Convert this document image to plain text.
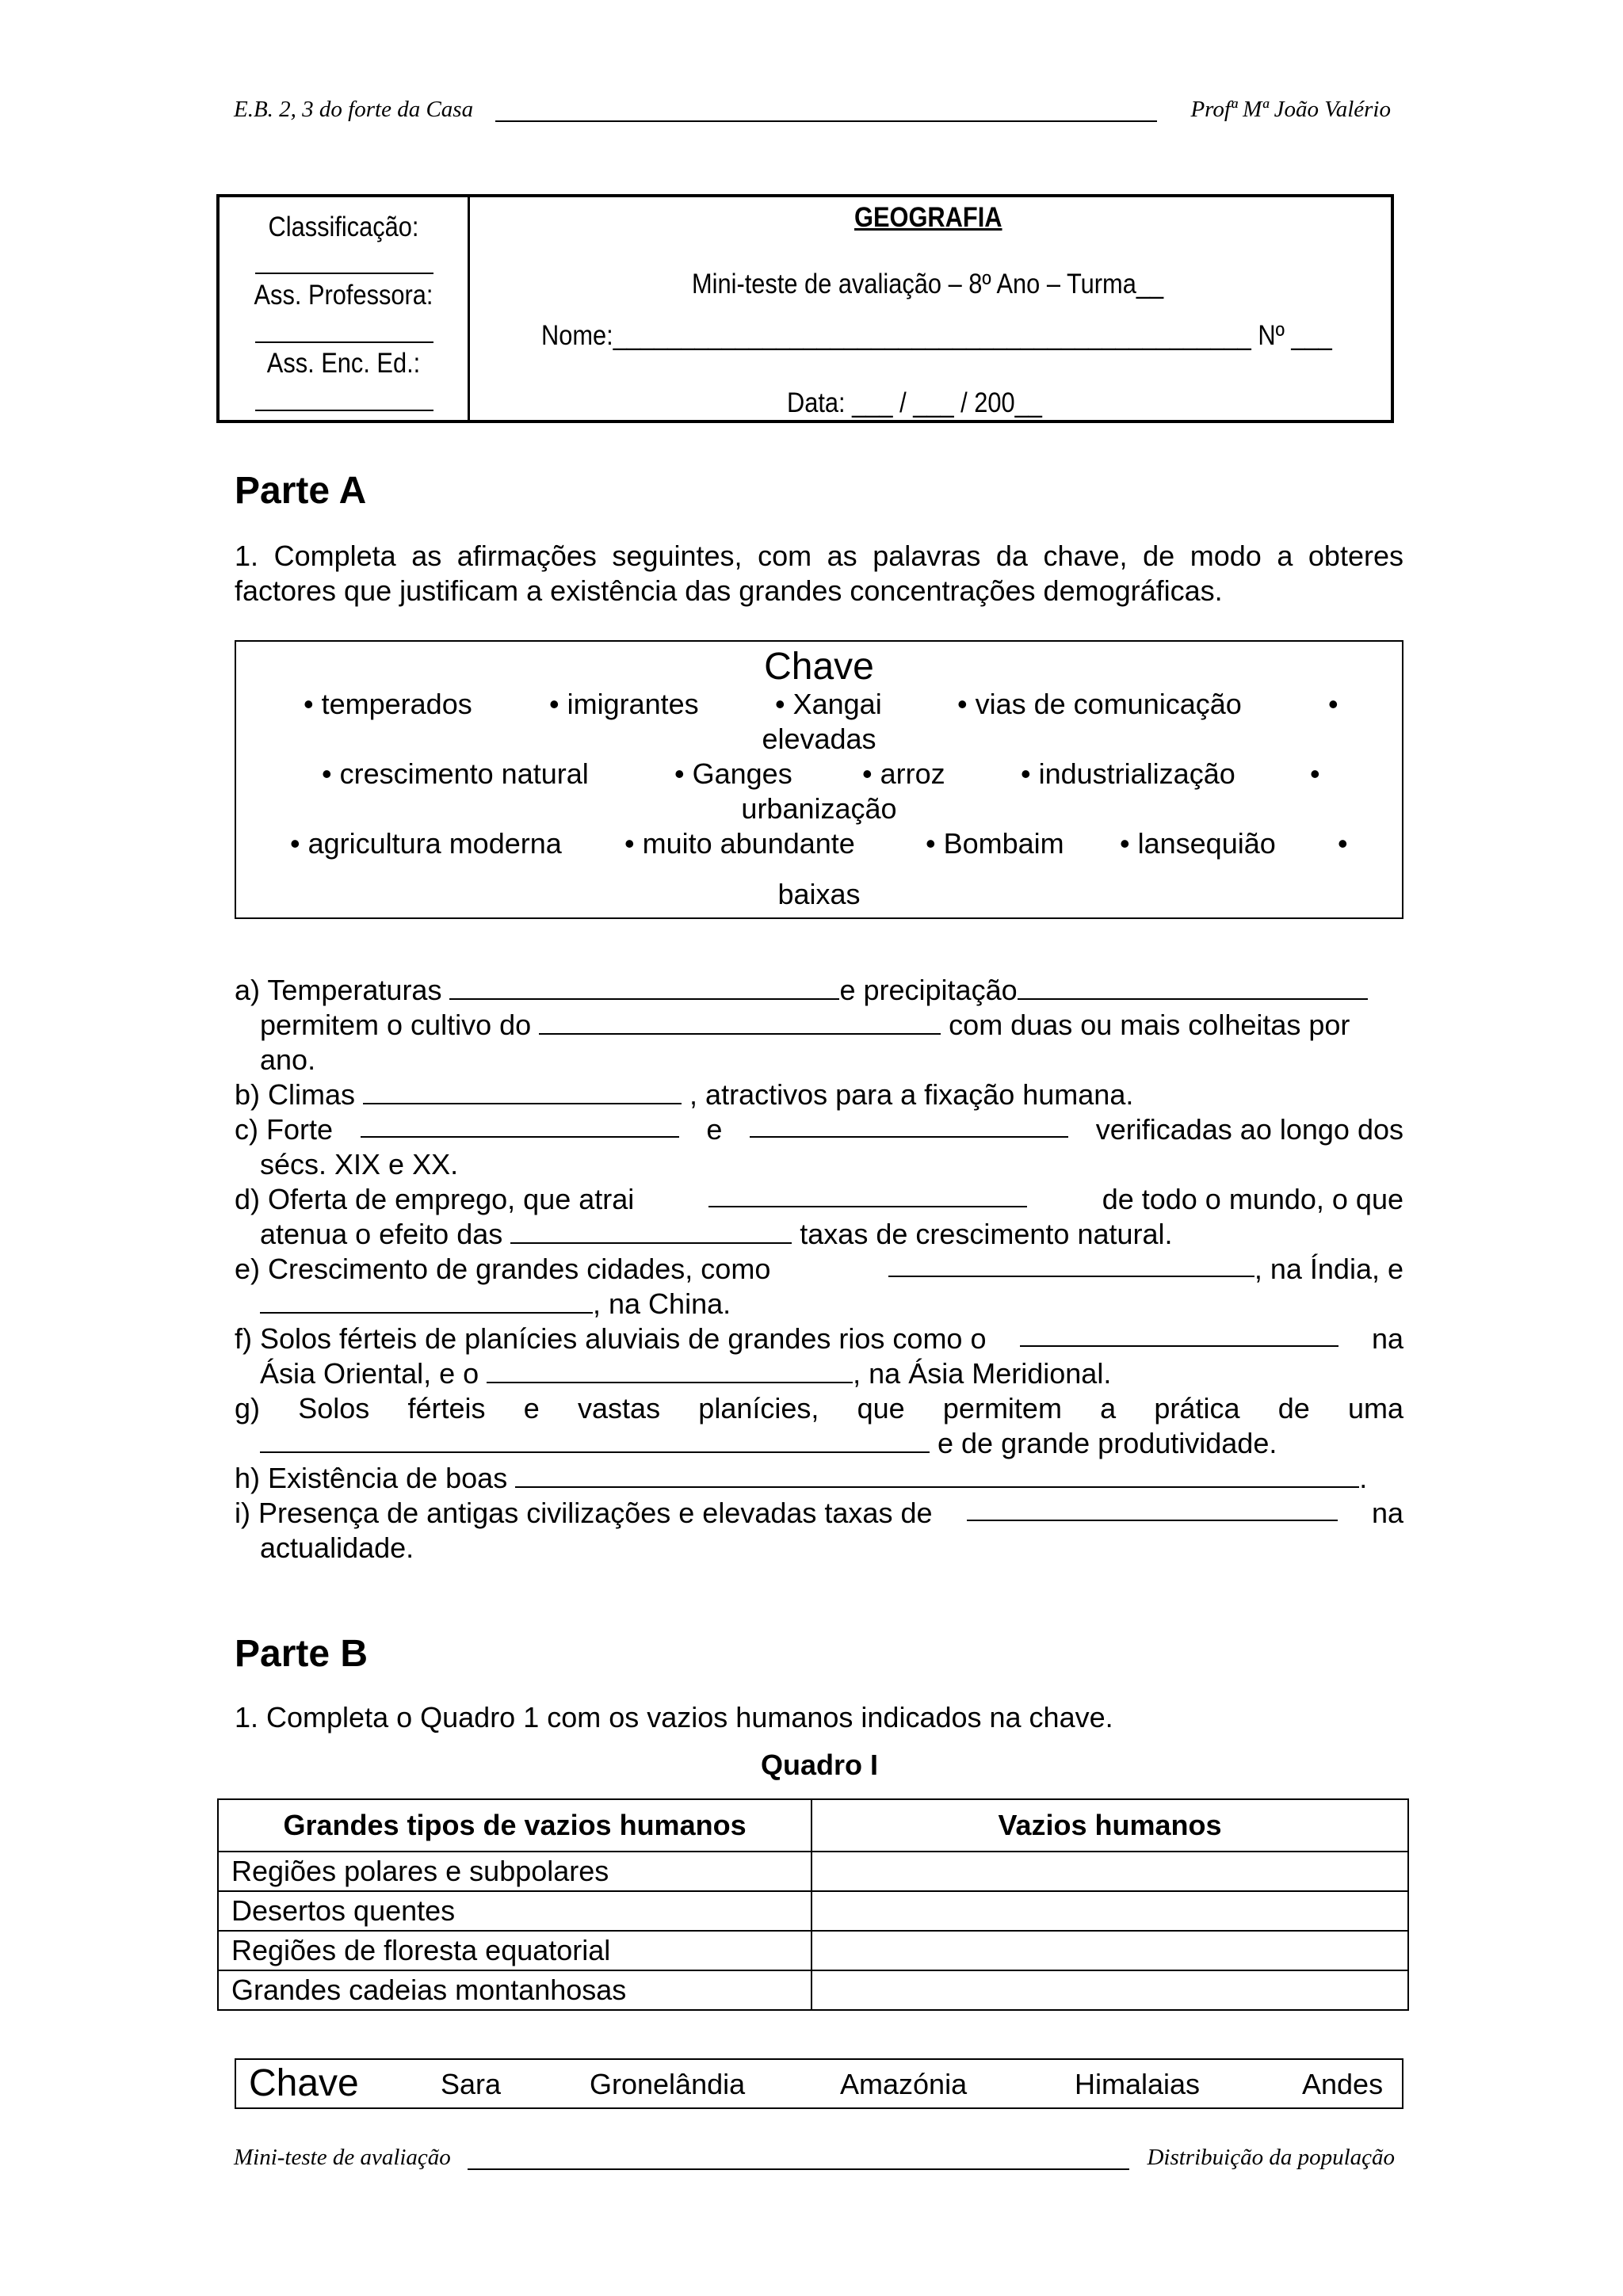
E.B. 2, 3 do forte da Casa	Profª Mª João Valério
Classificação:
Ass. Professora:
Ass. Enc. Ed.:
GEOGRAFIA
Mini-teste de avaliação – 8º Ano – Turma__
Nome:_______________________________________________ Nº ___
Data: ___ / ___ / 200__
Parte A
1. Completa as afirmações seguintes, com as palavras da chave, de modo a obteres
factores que justificam a existência das grandes concentrações demográficas.
Chave
• temperados	• imigrantes	• Xangai	• vias de comunicação	•
elevadas
• crescimento natural	• Ganges • arroz	• industrialização	•
urbanização
• agricultura moderna • muito abundante • Bombaim • lansequião •
baixas
a) Temperaturas	e precipitação
permitem o cultivo do	com duas ou mais colheitas por
ano.
b) Climas	, atractivos para a fixação humana.
c) Forte	e	verificadas ao longo dos
sécs. XIX e XX.
d) Oferta de emprego, que atrai	de todo o mundo, o que
atenua o efeito das	taxas de crescimento natural.
e) Crescimento de grandes cidades, como	, na Índia, e
, na China.
f) Solos férteis de planícies aluviais de grandes rios como o	na
Ásia Oriental, e o	, na Ásia Meridional.
g) Solos férteis e vastas planícies, que permitem a prática de uma
e de grande produtividade.
h) Existência de boas	.
i) Presença de antigas civilizações e elevadas taxas de	na
actualidade.
Parte B
1. Completa o Quadro 1 com os vazios humanos indicados na chave.
Quadro I
Grandes tipos de vazios humanos	Vazios humanos
Regiões polares e subpolares	
Desertos quentes	
Regiões de floresta equatorial	
Grandes cadeias montanhosas	
Chave	Sara	Gronelândia	Amazónia	Himalaias	Andes
Mini-teste de avaliação	Distribuição da população
